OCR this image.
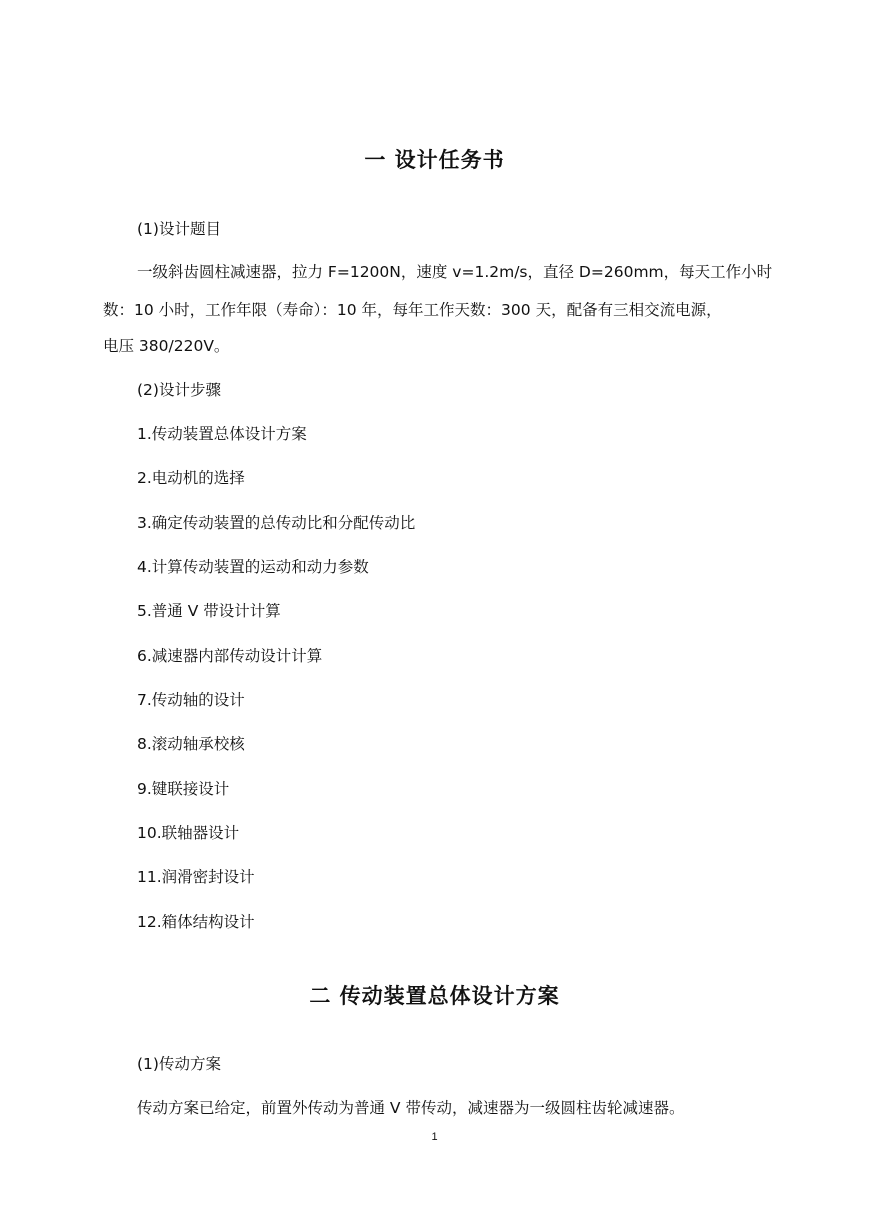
一 设计任务书
(1)设计题目
一级斜齿圆柱减速器，拉力 F=1200N，速度 v=1.2m/s，直径 D=260mm，每天工作小时
数：10 小时，工作年限（寿命）：10 年，每年工作天数：300 天，配备有三相交流电源，
电压 380/220V。
(2)设计步骤
1.传动装置总体设计方案
2.电动机的选择
3.确定传动装置的总传动比和分配传动比
4.计算传动装置的运动和动力参数
5.普通 V 带设计计算
6.减速器内部传动设计计算
7.传动轴的设计
8.滚动轴承校核
9.键联接设计
10.联轴器设计
11.润滑密封设计
12.箱体结构设计
二 传动装置总体设计方案
(1)传动方案
传动方案已给定，前置外传动为普通 V 带传动，减速器为一级圆柱齿轮减速器。
1
